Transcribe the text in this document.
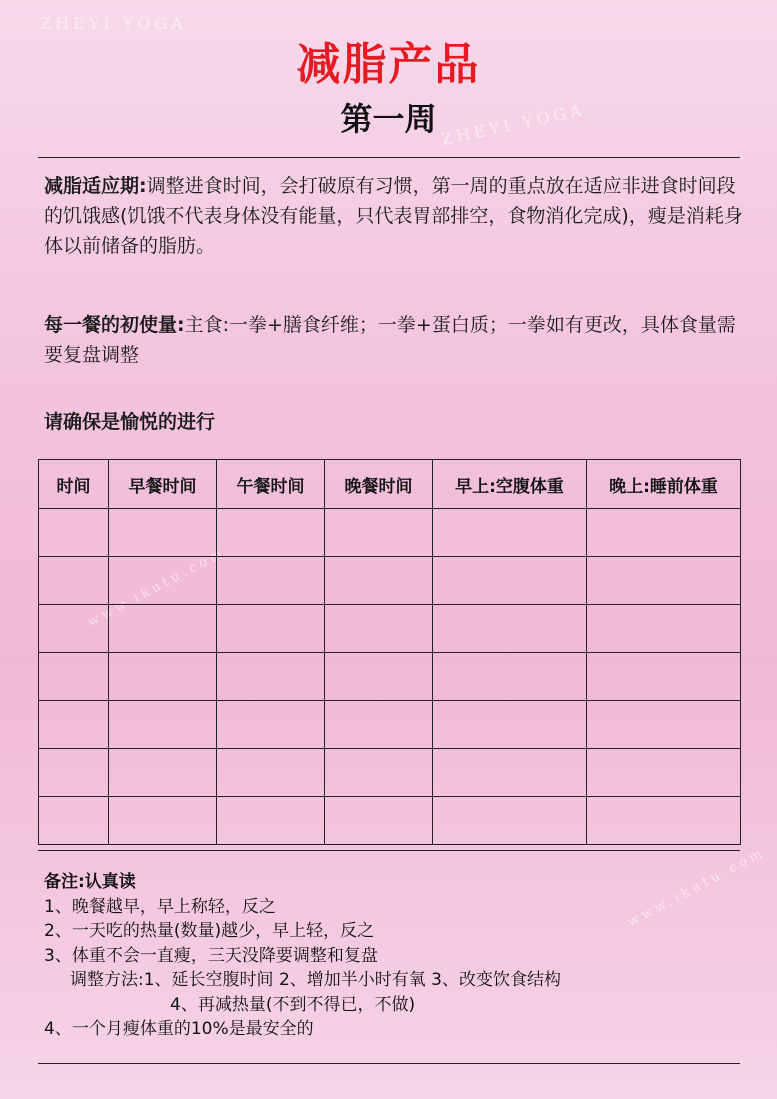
ZHEYI YOGA
ZHEYI YOGA
www.ikutu.com
www.ikutu.com
减脂产品
第一周
减脂适应期:调整进食时间，会打破原有习惯，第一周的重点放在适应非进食时间段的饥饿感(饥饿不代表身体没有能量，只代表胃部排空，食物消化完成)，瘦是消耗身体以前储备的脂肪。
每一餐的初使量:主食:一拳+膳食纤维；一拳+蛋白质；一拳如有更改，具体食量需要复盘调整
请确保是愉悦的进行
时间	早餐时间	午餐时间	晚餐时间	早上:空腹体重	晚上:睡前体重

备注:认真读
1、晚餐越早，早上称轻，反之
2、一天吃的热量(数量)越少，早上轻，反之
3、体重不会一直瘦，三天没降要调整和复盘
调整方法:1、延长空腹时间 2、增加半小时有氧 3、改变饮食结构
4、再减热量(不到不得已，不做)
4、一个月瘦体重的10%是最安全的
